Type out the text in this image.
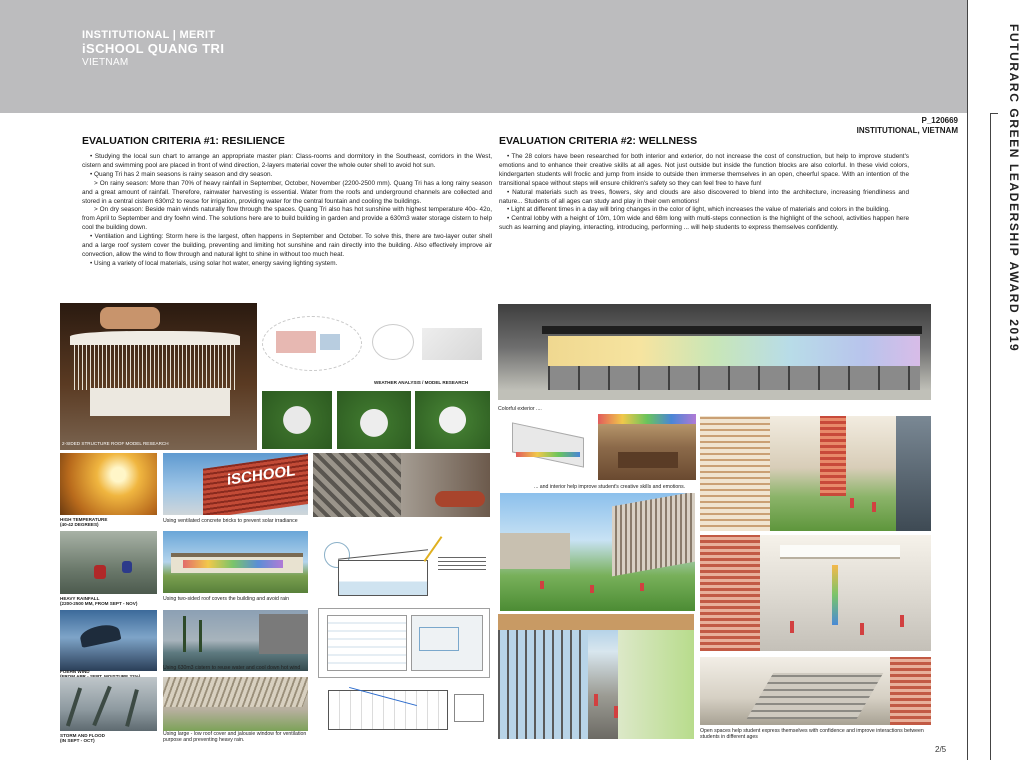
INSTITUTIONAL | MERIT
iSCHOOL QUANG TRI
VIETNAM	FUTURARC GREEN LEADERSHIP AWARD 2019
P_120669
INSTITUTIONAL, VIETNAM
EVALUATION CRITERIA #1: RESILIENCE

• Studying the local sun chart to arrange an appropriate master plan: Class-rooms and dormitory in the Southeast, corridors in the West, cistern and swimming pool are placed in front of wind direction, 2-layers material cover the whole outer shell to avoid hot sun.

• Quang Tri has 2 main seasons is rainy season and dry season.

> On rainy season: More than 70% of heavy rainfall in September, October, November (2200-2500 mm). Quang Tri has a long rainy season and a great amount of rainfall. Therefore, rainwater harvesting is essential. Water from the roofs and underground channels are collected and stored in a central cistern 630m2 to reuse for irrigation, providing water for the central fountain and cooling the buildings.

> On dry season: Beside main winds naturally flow through the spaces. Quang Tri also has hot sunshine with highest temperature 40o- 42o, from April to September and dry foehn wind. The solutions here are to build building in garden and provide a 630m3 water storage cistern to help cool the building down.

• Ventilation and Lighting: Storm here is the largest, often happens in September and October. To solve this, there are two-layer outer shell and a large roof system cover the building, preventing and limiting hot sunshine and rain directly into the building. Also effectively improve air convection, allow the wind to flow through and natural light to shine in without too much heat.

• Using a variety of local materials, using solar hot water, energy saving lighting system.

EVALUATION CRITERIA #2: WELLNESS

• The 28 colors have been researched for both interior and exterior, do not increase the cost of construction, but help to improve student's emotions and to enhance their creative skills at all ages. Not just outside but inside the function blocks are also colorful. In these vivid colors, kindergarten students will froclic and jump from inside to outside then immerse themselves in an open, cheerful space. With an intention of the transitional space without steps will ensure children's safety so they can feel free to have fun!

• Natural materials such as trees, flowers, sky and clouds are also discovered to blend into the architecture, increasing friendliness and nature... Students of all ages can study and play in their own emotions!

• Light at different times in a day will bring changes in the color of light, which increases the value of materials and colors in the building.

• Central lobby with a height of 10m, 10m wide and 68m long with multi-steps connection is the highlight of the school, activities happen here such as learning and playing, interacting, introducing, performing ... will help students to express themselves confidently.

2-SIDED STRUCTURE ROOF MODEL RESEARCH
WEATHER ANALYSIS / MODEL RESEARCH
HIGH TEMPERATURE
(40-42 DEGREES)
HEAVY RAINFALL
(2200-2500 MM, FROM SEPT - NOV)
FOEHN WIND

STORM AND FLOOD
(IN SEPT - OCT)
iSCHOOL
Using ventilated concrete bricks to prevent solar irradiance
Using two-sided roof covers the building and avoid rain
Using 630m3 cistern to reuse water and cool down hot wind
Using large - low roof cover and jalousie window for ventilation purpose and preventing heavy rain.
Colorful exterior ....
... and interior help improve student's creative skills and emotions.
Open spaces help student express themselves with confidence and improve interactions between students in different ages
2/5
